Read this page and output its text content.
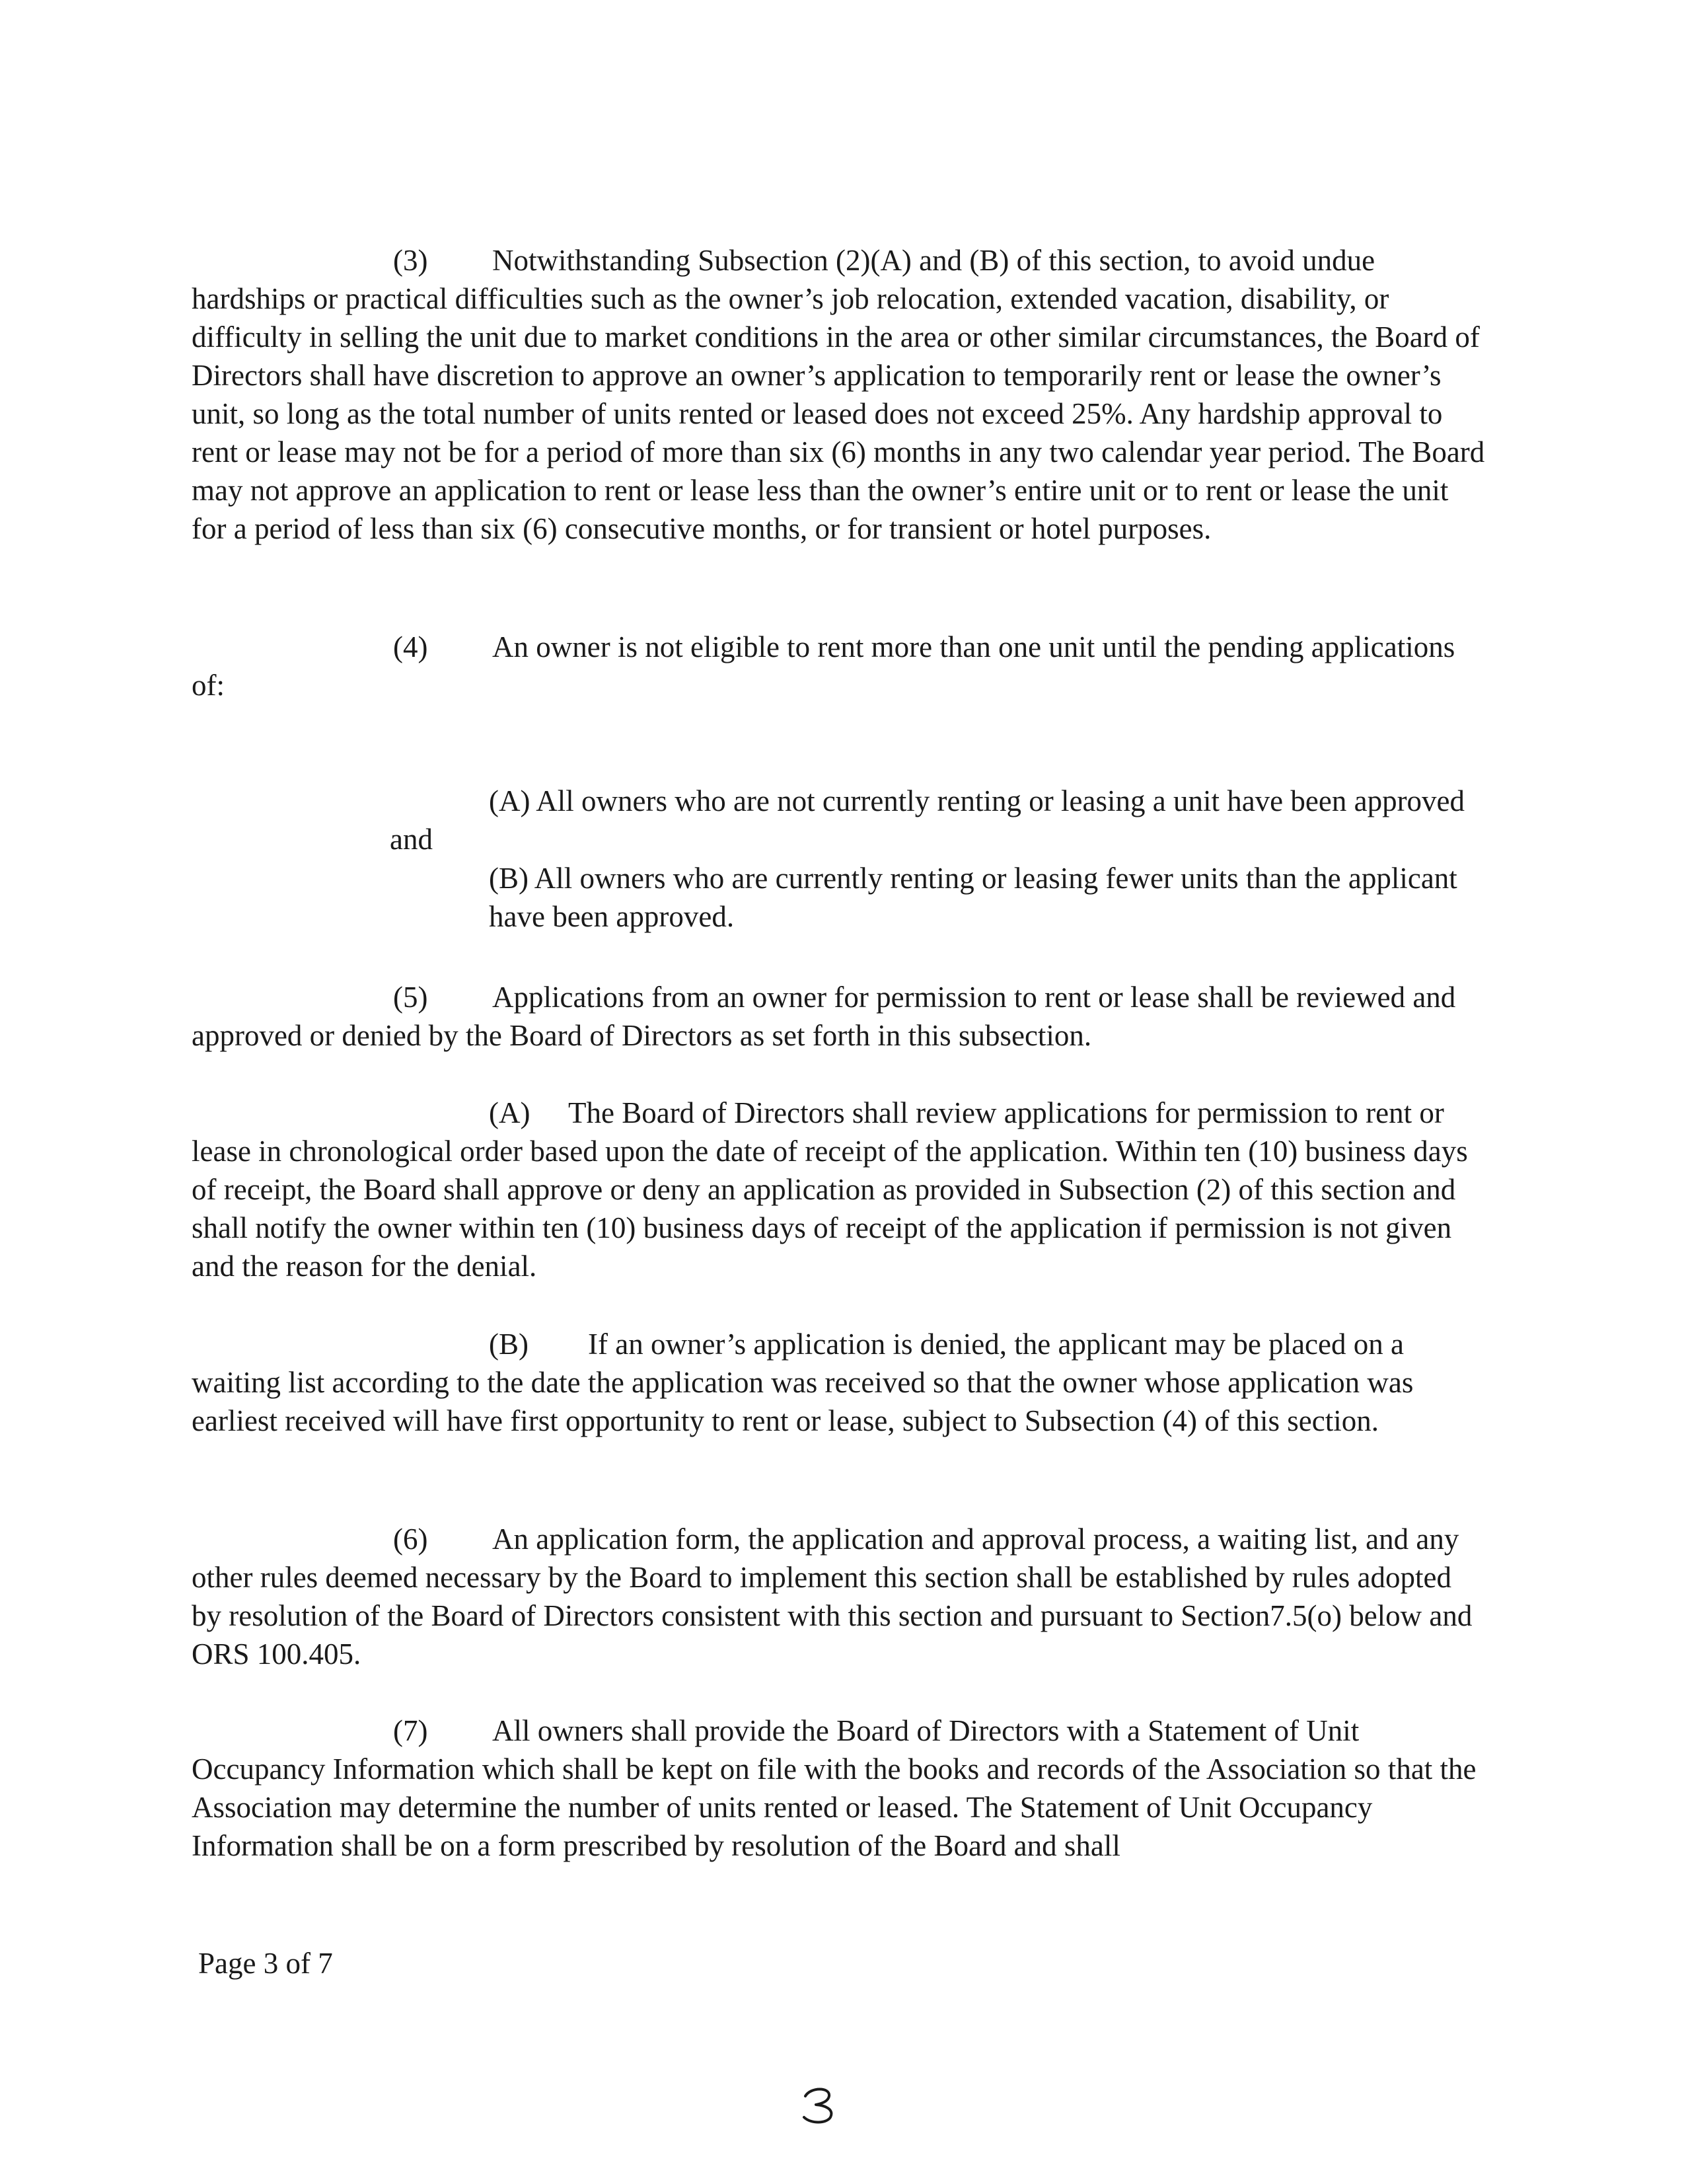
(3) Notwithstanding Subsection (2)(A) and (B) of this section, to avoid undue hardships or practical difficulties such as the owner’s job relocation, extended vacation, disability, or difficulty in selling the unit due to market conditions in the area or other similar circumstances, the Board of Directors shall have discretion to approve an owner’s application to temporarily rent or lease the owner’s unit, so long as the total number of units rented or leased does not exceed 25%. Any hardship approval to rent or lease may not be for a period of more than six (6) months in any two calendar year period. The Board may not approve an application to rent or lease less than the owner’s entire unit or to rent or lease the unit for a period of less than six (6) consecutive months, or for transient or hotel purposes.

(4) An owner is not eligible to rent more than one unit until the pending applications of:

(A) All owners who are not currently renting or leasing a unit have been approved and

(B) All owners who are currently renting or leasing fewer units than the applicant have been approved.

(5) Applications from an owner for permission to rent or lease shall be reviewed and approved or denied by the Board of Directors as set forth in this subsection.

(A) The Board of Directors shall review applications for permission to rent or lease in chronological order based upon the date of receipt of the application. Within ten (10) business days of receipt, the Board shall approve or deny an application as provided in Subsection (2) of this section and shall notify the owner within ten (10) business days of receipt of the application if permission is not given and the reason for the denial.

(B) If an owner’s application is denied, the applicant may be placed on a waiting list according to the date the application was received so that the owner whose application was earliest received will have first opportunity to rent or lease, subject to Subsection (4) of this section.

(6) An application form, the application and approval process, a waiting list, and any other rules deemed necessary by the Board to implement this section shall be established by rules adopted by resolution of the Board of Directors consistent with this section and pursuant to Section7.5(o) below and ORS 100.405.

(7) All owners shall provide the Board of Directors with a Statement of Unit Occupancy Information which shall be kept on file with the books and records of the Association so that the Association may determine the number of units rented or leased. The Statement of Unit Occupancy Information shall be on a form prescribed by resolution of the Board and shall

Page 3 of 7
